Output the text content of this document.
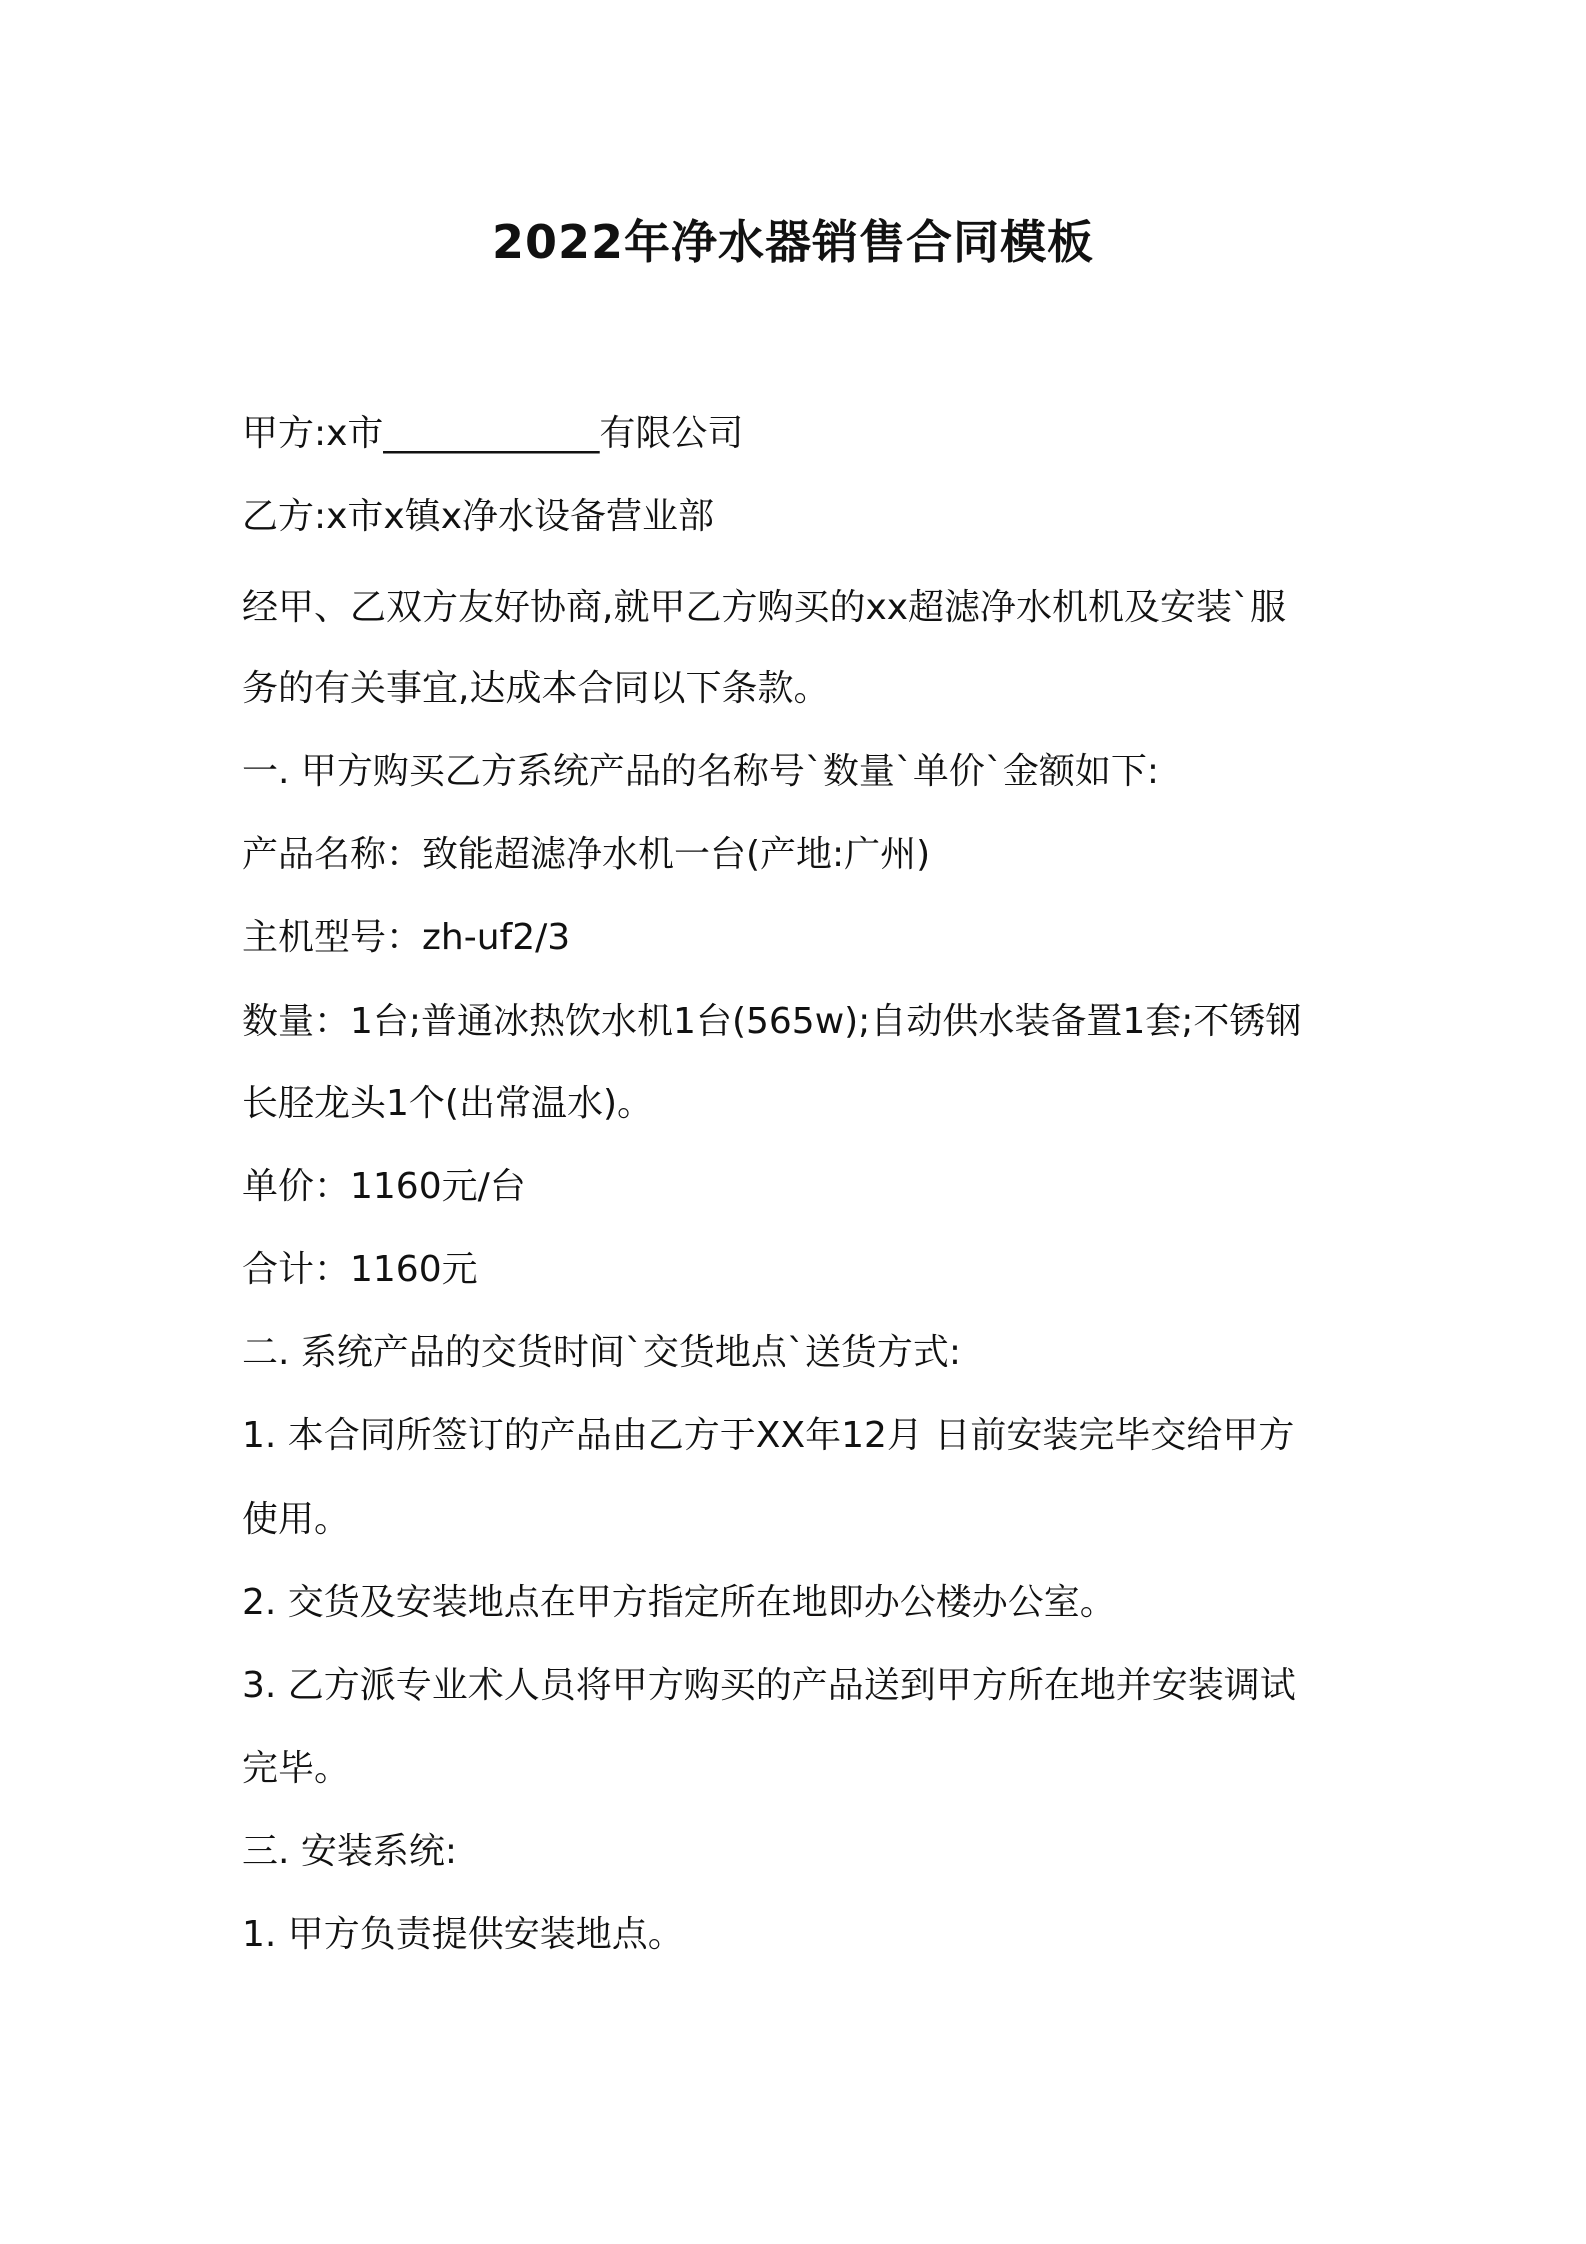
2022年净水器销售合同模板

甲方:x市____________有限公司

乙方:x市x镇x净水设备营业部

经甲、乙双方友好协商,就甲乙方购买的xx超滤净水机机及安装`服

务的有关事宜,达成本合同以下条款。

一. 甲方购买乙方系统产品的名称号`数量`单价`金额如下:

产品名称：致能超滤净水机一台(产地:广州)

主机型号：zh-uf2/3

数量：1台;普通冰热饮水机1台(565w);自动供水装备置1套;不锈钢

长胫龙头1个(出常温水)。

单价：1160元/台

合计：1160元

二. 系统产品的交货时间`交货地点`送货方式:

1. 本合同所签订的产品由乙方于XX年12月 日前安装完毕交给甲方

使用。

2. 交货及安装地点在甲方指定所在地即办公楼办公室。

3. 乙方派专业术人员将甲方购买的产品送到甲方所在地并安装调试

完毕。

三. 安装系统:

1. 甲方负责提供安装地点。
